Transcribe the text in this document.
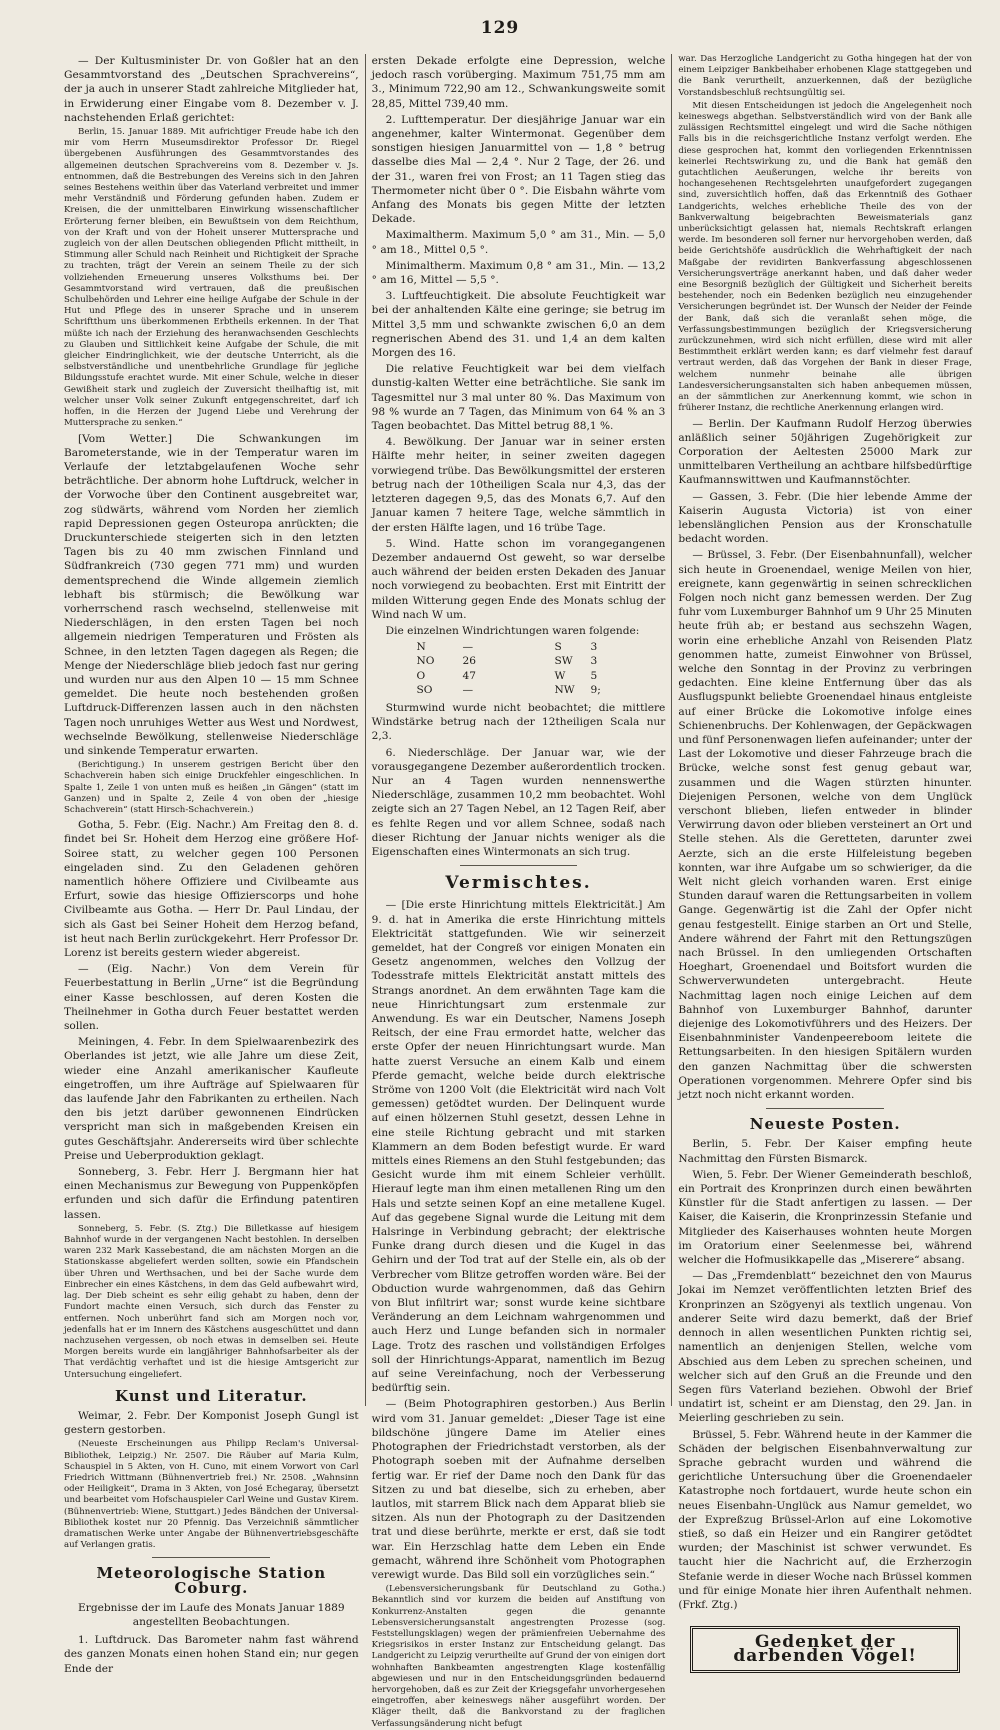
129

— Der Kultusminister Dr. von Goßler hat an den Gesammtvorstand des „Deutschen Sprachvereins“, der ja auch in unserer Stadt zahlreiche Mitglieder hat, in Erwiderung einer Eingabe vom 8. Dezember v. J. nachstehenden Erlaß gerichtet:

Berlin, 15. Januar 1889. Mit aufrichtiger Freude habe ich den mir vom Herrn Museumsdirektor Professor Dr. Riegel übergebenen Ausführungen des Gesammtvorstandes des allgemeinen deutschen Sprachvereins vom 8. Dezember v. Js. entnommen, daß die Bestrebungen des Vereins sich in den Jahren seines Bestehens weithin über das Vaterland verbreitet und immer mehr Verständniß und Förderung gefunden haben. Zudem er Kreisen, die der unmittelbaren Einwirkung wissenschaftlicher Erörterung ferner bleiben, ein Bewußtsein von dem Reichthum, von der Kraft und von der Hoheit unserer Muttersprache und zugleich von der allen Deutschen obliegenden Pflicht mittheilt, in Stimmung aller Schuld nach Reinheit und Richtigkeit der Sprache zu trachten, trägt der Verein an seinem Theile zu der sich vollziehenden Erneuerung unseres Volksthums bei. Der Gesammtvorstand wird vertrauen, daß die preußischen Schulbehörden und Lehrer eine heilige Aufgabe der Schule in der Hut und Pflege des in unserer Sprache und in unserem Schriftthum uns überkommenen Erbtheils erkennen. In der That müßte ich nach der Erziehung des heranwachsenden Geschlechts zu Glauben und Sittlichkeit keine Aufgabe der Schule, die mit gleicher Eindringlichkeit, wie der deutsche Unterricht, als die selbstverständliche und unentbehrliche Grundlage für jegliche Bildungsstufe erachtet wurde. Mit einer Schule, welche in dieser Gewißheit stark und zugleich der Zuversicht theilhaftig ist, mit welcher unser Volk seiner Zukunft entgegenschreitet, darf ich hoffen, in die Herzen der Jugend Liebe und Verehrung der Muttersprache zu senken.“

[Vom Wetter.] Die Schwankungen im Barometerstande, wie in der Temperatur waren im Verlaufe der letztabgelaufenen Woche sehr beträchtliche. Der abnorm hohe Luftdruck, welcher in der Vorwoche über den Continent ausgebreitet war, zog südwärts, während vom Norden her ziemlich rapid Depressionen gegen Osteuropa anrückten; die Druckunterschiede steigerten sich in den letzten Tagen bis zu 40 mm zwischen Finnland und Südfrankreich (730 gegen 771 mm) und wurden dementsprechend die Winde allgemein ziemlich lebhaft bis stürmisch; die Bewölkung war vorherrschend rasch wechselnd, stellenweise mit Niederschlägen, in den ersten Tagen bei noch allgemein niedrigen Temperaturen und Frösten als Schnee, in den letzten Tagen dagegen als Regen; die Menge der Niederschläge blieb jedoch fast nur gering und wurden nur aus den Alpen 10 — 15 mm Schnee gemeldet. Die heute noch bestehenden großen Luftdruck-Differenzen lassen auch in den nächsten Tagen noch unruhiges Wetter aus West und Nordwest, wechselnde Bewölkung, stellenweise Niederschläge und sinkende Temperatur erwarten.

(Berichtigung.) In unserem gestrigen Bericht über den Schachverein haben sich einige Druckfehler eingeschlichen. In Spalte 1, Zeile 1 von unten muß es heißen „in Gängen“ (statt im Ganzen) und in Spalte 2, Zeile 4 von oben der „hiesige Schachverein“ (statt Hirsch-Schachverein.)

Gotha, 5. Febr. (Eig. Nachr.) Am Freitag den 8. d. findet bei Sr. Hoheit dem Herzog eine größere Hof-Soiree statt, zu welcher gegen 100 Personen eingeladen sind. Zu den Geladenen gehören namentlich höhere Offiziere und Civilbeamte aus Erfurt, sowie das hiesige Offizierscorps und hohe Civilbeamte aus Gotha. — Herr Dr. Paul Lindau, der sich als Gast bei Seiner Hoheit dem Herzog befand, ist heut nach Berlin zurückgekehrt. Herr Professor Dr. Lorenz ist bereits gestern wieder abgereist.

— (Eig. Nachr.) Von dem Verein für Feuerbestattung in Berlin „Urne“ ist die Begründung einer Kasse beschlossen, auf deren Kosten die Theilnehmer in Gotha durch Feuer bestattet werden sollen.

Meiningen, 4. Febr. In dem Spielwaarenbezirk des Oberlandes ist jetzt, wie alle Jahre um diese Zeit, wieder eine Anzahl amerikanischer Kaufleute eingetroffen, um ihre Aufträge auf Spielwaaren für das laufende Jahr den Fabrikanten zu ertheilen. Nach den bis jetzt darüber gewonnenen Eindrücken verspricht man sich in maßgebenden Kreisen ein gutes Geschäftsjahr. Andererseits wird über schlechte Preise und Ueberproduktion geklagt.

Sonneberg, 3. Febr. Herr J. Bergmann hier hat einen Mechanismus zur Bewegung von Puppenköpfen erfunden und sich dafür die Erfindung patentiren lassen.

Sonneberg, 5. Febr. (S. Ztg.) Die Billetkasse auf hiesigem Bahnhof wurde in der vergangenen Nacht bestohlen. In derselben waren 232 Mark Kassebestand, die am nächsten Morgen an die Stationskasse abgeliefert werden sollten, sowie ein Pfandschein über Uhren und Werthsachen, und bei der Sache wurde dem Einbrecher ein eines Kästchens, in dem das Geld aufbewahrt wird, lag. Der Dieb scheint es sehr eilig gehabt zu haben, denn der Fundort machte einen Versuch, sich durch das Fenster zu entfernen. Noch unberührt fand sich am Morgen noch vor, jedenfalls hat er im Innern des Kästchens ausgeschüttet und dann nachzusehen vergessen, ob noch etwas in demselben sei. Heute Morgen bereits wurde ein langjähriger Bahnhofsarbeiter als der That verdächtig verhaftet und ist die hiesige Amtsgericht zur Untersuchung eingeliefert.

Kunst und Literatur.

Weimar, 2. Febr. Der Komponist Joseph Gungl ist gestern gestorben.

(Neueste Erscheinungen aus Philipp Reclam's Universal-Bibliothek, Leipzig.) Nr. 2507. Die Räuber auf Maria Kulm, Schauspiel in 5 Akten, von H. Cuno, mit einem Vorwort von Carl Friedrich Wittmann (Bühnenvertrieb frei.) Nr. 2508. „Wahnsinn oder Heiligkeit“, Drama in 3 Akten, von José Echegaray, übersetzt und bearbeitet vom Hofschauspieler Carl Weine und Gustav Kirem. (Bühnenvertrieb: Wiene, Stuttgart.) Jedes Bändchen der Universal-Bibliothek kostet nur 20 Pfennig. Das Verzeichniß sämmtlicher dramatischen Werke unter Angabe der Bühnenvertriebsgeschäfte auf Verlangen gratis.

Meteorologische Station Coburg.
Ergebnisse der im Laufe des Monats Januar 1889 angestellten Beobachtungen.

1. Luftdruck. Das Barometer nahm fast während des ganzen Monats einen hohen Stand ein; nur gegen Ende der

ersten Dekade erfolgte eine Depression, welche jedoch rasch vorüberging. Maximum 751,75 mm am 3., Minimum 722,90 am 12., Schwankungsweite somit 28,85, Mittel 739,40 mm.

2. Lufttemperatur. Der diesjährige Januar war ein angenehmer, kalter Wintermonat. Gegenüber dem sonstigen hiesigen Januarmittel von — 1,8 ° betrug dasselbe dies Mal — 2,4 °. Nur 2 Tage, der 26. und der 31., waren frei von Frost; an 11 Tagen stieg das Thermometer nicht über 0 °. Die Eisbahn währte vom Anfang des Monats bis gegen Mitte der letzten Dekade.

Maximaltherm. Maximum 5,0 ° am 31., Min. — 5,0 ° am 18., Mittel 0,5 °.

Minimaltherm. Maximum 0,8 ° am 31., Min. — 13,2 ° am 16, Mittel — 5,5 °.

3. Luftfeuchtigkeit. Die absolute Feuchtigkeit war bei der anhaltenden Kälte eine geringe; sie betrug im Mittel 3,5 mm und schwankte zwischen 6,0 an dem regnerischen Abend des 31. und 1,4 an dem kalten Morgen des 16.

Die relative Feuchtigkeit war bei dem vielfach dunstig-kalten Wetter eine beträchtliche. Sie sank im Tagesmittel nur 3 mal unter 80 %. Das Maximum von 98 % wurde an 7 Tagen, das Minimum von 64 % an 3 Tagen beobachtet. Das Mittel betrug 88,1 %.

4. Bewölkung. Der Januar war in seiner ersten Hälfte mehr heiter, in seiner zweiten dagegen vorwiegend trübe. Das Bewölkungsmittel der ersteren betrug nach der 10theiligen Scala nur 4,3, das der letzteren dagegen 9,5, das des Monats 6,7. Auf den Januar kamen 7 heitere Tage, welche sämmtlich in der ersten Hälfte lagen, und 16 trübe Tage.

5. Wind. Hatte schon im vorangegangenen Dezember andauernd Ost geweht, so war derselbe auch während der beiden ersten Dekaden des Januar noch vorwiegend zu beobachten. Erst mit Eintritt der milden Witterung gegen Ende des Monats schlug der Wind nach W um.

Die einzelnen Windrichtungen waren folgende:

N	—	S	3
NO	26	SW	3
O	47	W	5
SO	—	NW	9;

Sturmwind wurde nicht beobachtet; die mittlere Windstärke betrug nach der 12theiligen Scala nur 2,3.

6. Niederschläge. Der Januar war, wie der vorausgegangene Dezember außerordentlich trocken. Nur an 4 Tagen wurden nennenswerthe Niederschläge, zusammen 10,2 mm beobachtet. Wohl zeigte sich an 27 Tagen Nebel, an 12 Tagen Reif, aber es fehlte Regen und vor allem Schnee, sodaß nach dieser Richtung der Januar nichts weniger als die Eigenschaften eines Wintermonats an sich trug.

Vermischtes.

— [Die erste Hinrichtung mittels Elektricität.] Am 9. d. hat in Amerika die erste Hinrichtung mittels Elektricität stattgefunden. Wie wir seinerzeit gemeldet, hat der Congreß vor einigen Monaten ein Gesetz angenommen, welches den Vollzug der Todesstrafe mittels Elektricität anstatt mittels des Strangs anordnet. An dem erwähnten Tage kam die neue Hinrichtungsart zum erstenmale zur Anwendung. Es war ein Deutscher, Namens Joseph Reitsch, der eine Frau ermordet hatte, welcher das erste Opfer der neuen Hinrichtungsart wurde. Man hatte zuerst Versuche an einem Kalb und einem Pferde gemacht, welche beide durch elektrische Ströme von 1200 Volt (die Elektricität wird nach Volt gemessen) getödtet wurden. Der Delinquent wurde auf einen hölzernen Stuhl gesetzt, dessen Lehne in eine steile Richtung gebracht und mit starken Klammern an dem Boden befestigt wurde. Er ward mittels eines Riemens an den Stuhl festgebunden; das Gesicht wurde ihm mit einem Schleier verhüllt. Hierauf legte man ihm einen metallenen Ring um den Hals und setzte seinen Kopf an eine metallene Kugel. Auf das gegebene Signal wurde die Leitung mit dem Halsringe in Verbindung gebracht; der elektrische Funke drang durch diesen und die Kugel in das Gehirn und der Tod trat auf der Stelle ein, als ob der Verbrecher vom Blitze getroffen worden wäre. Bei der Obduction wurde wahrgenommen, daß das Gehirn von Blut infiltrirt war; sonst wurde keine sichtbare Veränderung an dem Leichnam wahrgenommen und auch Herz und Lunge befanden sich in normaler Lage. Trotz des raschen und vollständigen Erfolges soll der Hinrichtungs-Apparat, namentlich im Bezug auf seine Vereinfachung, noch der Verbesserung bedürftig sein.

— (Beim Photographiren gestorben.) Aus Berlin wird vom 31. Januar gemeldet: „Dieser Tage ist eine bildschöne jüngere Dame im Atelier eines Photographen der Friedrichstadt verstorben, als der Photograph soeben mit der Aufnahme derselben fertig war. Er rief der Dame noch den Dank für das Sitzen zu und bat dieselbe, sich zu erheben, aber lautlos, mit starrem Blick nach dem Apparat blieb sie sitzen. Als nun der Photograph zu der Dasitzenden trat und diese berührte, merkte er erst, daß sie todt war. Ein Herzschlag hatte dem Leben ein Ende gemacht, während ihre Schönheit vom Photographen verewigt wurde. Das Bild soll ein vorzügliches sein.“

(Lebensversicherungsbank für Deutschland zu Gotha.) Bekanntlich sind vor kurzem die beiden auf Anstiftung von Konkurrenz-Anstalten gegen die genannte Lebensversicherungsanstalt angestrengten Prozesse (sog. Feststellungsklagen) wegen der prämienfreien Uebernahme des Kriegsrisikos in erster Instanz zur Entscheidung gelangt. Das Landgericht zu Leipzig verurtheilte auf Grund der von einigen dort wohnhaften Bankbeamten angestrengten Klage kostenfällig abgewiesen und nur in den Entscheidungsgründen bedauernd hervorgehoben, daß es zur Zeit der Kriegsgefahr unvorhergesehen eingetroffen, aber keineswegs näher ausgeführt worden. Der Kläger theilt, daß die Bankvorstand zu der fraglichen Verfassungsänderung nicht befugt

war. Das Herzogliche Landgericht zu Gotha hingegen hat der von einem Leipziger Bankbeihaber erhobenen Klage stattgegeben und die Bank verurtheilt, anzuerkennen, daß der bezügliche Vorstandsbeschluß rechtsungültig sei.

Mit diesen Entscheidungen ist jedoch die Angelegenheit noch keineswegs abgethan. Selbstverständlich wird von der Bank alle zulässigen Rechtsmittel eingelegt und wird die Sache nöthigen Falls bis in die reichsgerichtliche Instanz verfolgt werden. Ehe diese gesprochen hat, kommt den vorliegenden Erkenntnissen keinerlei Rechtswirkung zu, und die Bank hat gemäß den gutachtlichen Aeußerungen, welche ihr bereits von hochangesehenen Rechtsgelehrten unaufgefordert zugegangen sind, zuversichtlich hoffen, daß das Erkenntniß des Gothaer Landgerichts, welches erhebliche Theile des von der Bankverwaltung beigebrachten Beweismaterials ganz unberücksichtigt gelassen hat, niemals Rechtskraft erlangen werde. Im besonderen soll ferner nur hervorgehoben werden, daß beide Gerichtshöfe ausdrücklich die Wehrhaftigkeit der nach Maßgabe der revidirten Bankverfassung abgeschlossenen Versicherungsverträge anerkannt haben, und daß daher weder eine Besorgniß bezüglich der Gültigkeit und Sicherheit bereits bestehender, noch ein Bedenken bezüglich neu einzugehender Versicherungen begründet ist. Der Wunsch der Neider der Feinde der Bank, daß sich die veranlaßt sehen möge, die Verfassungsbestimmungen bezüglich der Kriegsversicherung zurückzunehmen, wird sich nicht erfüllen, diese wird mit aller Bestimmtheit erklärt werden kann; es darf vielmehr fest darauf vertraut werden, daß das Vorgehen der Bank in dieser Frage, welchem nunmehr beinahe alle übrigen Landesversicherungsanstalten sich haben anbequemen müssen, an der sämmtlichen zur Anerkennung kommt, wie schon in früherer Instanz, die rechtliche Anerkennung erlangen wird.

— Berlin. Der Kaufmann Rudolf Herzog überwies anläßlich seiner 50jährigen Zugehörigkeit zur Corporation der Aeltesten 25000 Mark zur unmittelbaren Vertheilung an achtbare hilfsbedürftige Kaufmannswittwen und Kaufmannstöchter.

— Gassen, 3. Febr. (Die hier lebende Amme der Kaiserin Augusta Victoria) ist von einer lebenslänglichen Pension aus der Kronschatulle bedacht worden.

— Brüssel, 3. Febr. (Der Eisenbahnunfall), welcher sich heute in Groenendael, wenige Meilen von hier, ereignete, kann gegenwärtig in seinen schrecklichen Folgen noch nicht ganz bemessen werden. Der Zug fuhr vom Luxemburger Bahnhof um 9 Uhr 25 Minuten heute früh ab; er bestand aus sechszehn Wagen, worin eine erhebliche Anzahl von Reisenden Platz genommen hatte, zumeist Einwohner von Brüssel, welche den Sonntag in der Provinz zu verbringen gedachten. Eine kleine Entfernung über das als Ausflugspunkt beliebte Groenendael hinaus entgleiste auf einer Brücke die Lokomotive infolge eines Schienenbruchs. Der Kohlenwagen, der Gepäckwagen und fünf Personenwagen liefen aufeinander; unter der Last der Lokomotive und dieser Fahrzeuge brach die Brücke, welche sonst fest genug gebaut war, zusammen und die Wagen stürzten hinunter. Diejenigen Personen, welche von dem Unglück verschont blieben, liefen entweder in blinder Verwirrung davon oder blieben versteinert an Ort und Stelle stehen. Als die Geretteten, darunter zwei Aerzte, sich an die erste Hilfeleistung begeben konnten, war ihre Aufgabe um so schwieriger, da die Welt nicht gleich vorhanden waren. Erst einige Stunden darauf waren die Rettungsarbeiten in vollem Gange. Gegenwärtig ist die Zahl der Opfer nicht genau festgestellt. Einige starben an Ort und Stelle, Andere während der Fahrt mit den Rettungszügen nach Brüssel. In den umliegenden Ortschaften Hoeghart, Groenendael und Boitsfort wurden die Schwerverwundeten untergebracht. Heute Nachmittag lagen noch einige Leichen auf dem Bahnhof von Luxemburger Bahnhof, darunter diejenige des Lokomotivführers und des Heizers. Der Eisenbahnminister Vandenpeereboom leitete die Rettungsarbeiten. In den hiesigen Spitälern wurden den ganzen Nachmittag über die schwersten Operationen vorgenommen. Mehrere Opfer sind bis jetzt noch nicht erkannt worden.

Neueste Posten.

Berlin, 5. Febr. Der Kaiser empfing heute Nachmittag den Fürsten Bismarck.

Wien, 5. Febr. Der Wiener Gemeinderath beschloß, ein Portrait des Kronprinzen durch einen bewährten Künstler für die Stadt anfertigen zu lassen. — Der Kaiser, die Kaiserin, die Kronprinzessin Stefanie und Mitglieder des Kaiserhauses wohnten heute Morgen im Oratorium einer Seelenmesse bei, während welcher die Hofmusikkapelle das „Miserere“ absang.

— Das „Fremdenblatt“ bezeichnet den von Maurus Jokai im Nemzet veröffentlichten letzten Brief des Kronprinzen an Szögyenyi als textlich ungenau. Von anderer Seite wird dazu bemerkt, daß der Brief dennoch in allen wesentlichen Punkten richtig sei, namentlich an denjenigen Stellen, welche vom Abschied aus dem Leben zu sprechen scheinen, und welcher sich auf den Gruß an die Freunde und den Segen fürs Vaterland beziehen. Obwohl der Brief undatirt ist, scheint er am Dienstag, den 29. Jan. in Meierling geschrieben zu sein.

Brüssel, 5. Febr. Während heute in der Kammer die Schäden der belgischen Eisenbahnverwaltung zur Sprache gebracht wurden und während die gerichtliche Untersuchung über die Groenendaeler Katastrophe noch fortdauert, wurde heute schon ein neues Eisenbahn-Unglück aus Namur gemeldet, wo der Expreßzug Brüssel-Arlon auf eine Lokomotive stieß, so daß ein Heizer und ein Rangirer getödtet wurden; der Maschinist ist schwer verwundet. Es taucht hier die Nachricht auf, die Erzherzogin Stefanie werde in dieser Woche nach Brüssel kommen und für einige Monate hier ihren Aufenthalt nehmen. (Frkf. Ztg.)

Gedenket der darbenden Vögel!
